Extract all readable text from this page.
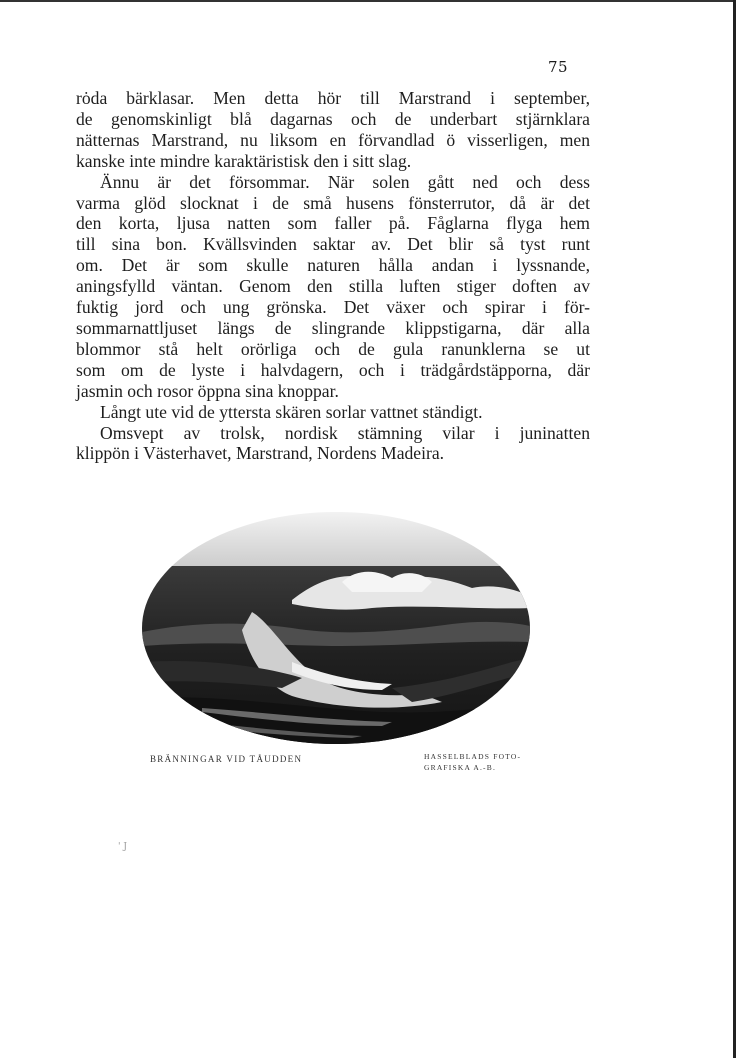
75
rȯda bärklasar. Men detta hör till Marstrand i september,
de genomskinligt blå dagarnas och de underbart stjärnklara
nätternas Marstrand, nu liksom en förvandlad ö visserligen, men
kanske inte mindre karaktäristisk den i sitt slag.
Ännu är det försommar. När solen gått ned och dess
varma glöd slocknat i de små husens fönsterrutor, då är det
den korta, ljusa natten som faller på. Fåglarna flyga hem
till sina bon. Kvällsvinden saktar av. Det blir så tyst runt
om. Det är som skulle naturen hålla andan i lyssnande,
aningsfylld väntan. Genom den stilla luften stiger doften av
fuktig jord och ung grönska. Det växer och spirar i för-
sommarnattljuset längs de slingrande klippstigarna, där alla
blommor stå helt orörliga och de gula ranunklerna se ut
som om de lyste i halvdagern, och i trädgårdstäpporna, där
jasmin och rosor öppna sina knoppar.
Långt ute vid de yttersta skären sorlar vattnet ständigt.
Omsvept av trolsk, nordisk stämning vilar i juninatten
klippön i Västerhavet, Marstrand, Nordens Madeira.
BRÄNNINGAR VID TÅUDDEN	HASSELBLADS FOTO-
GRAFISKA A.-B.
' J
